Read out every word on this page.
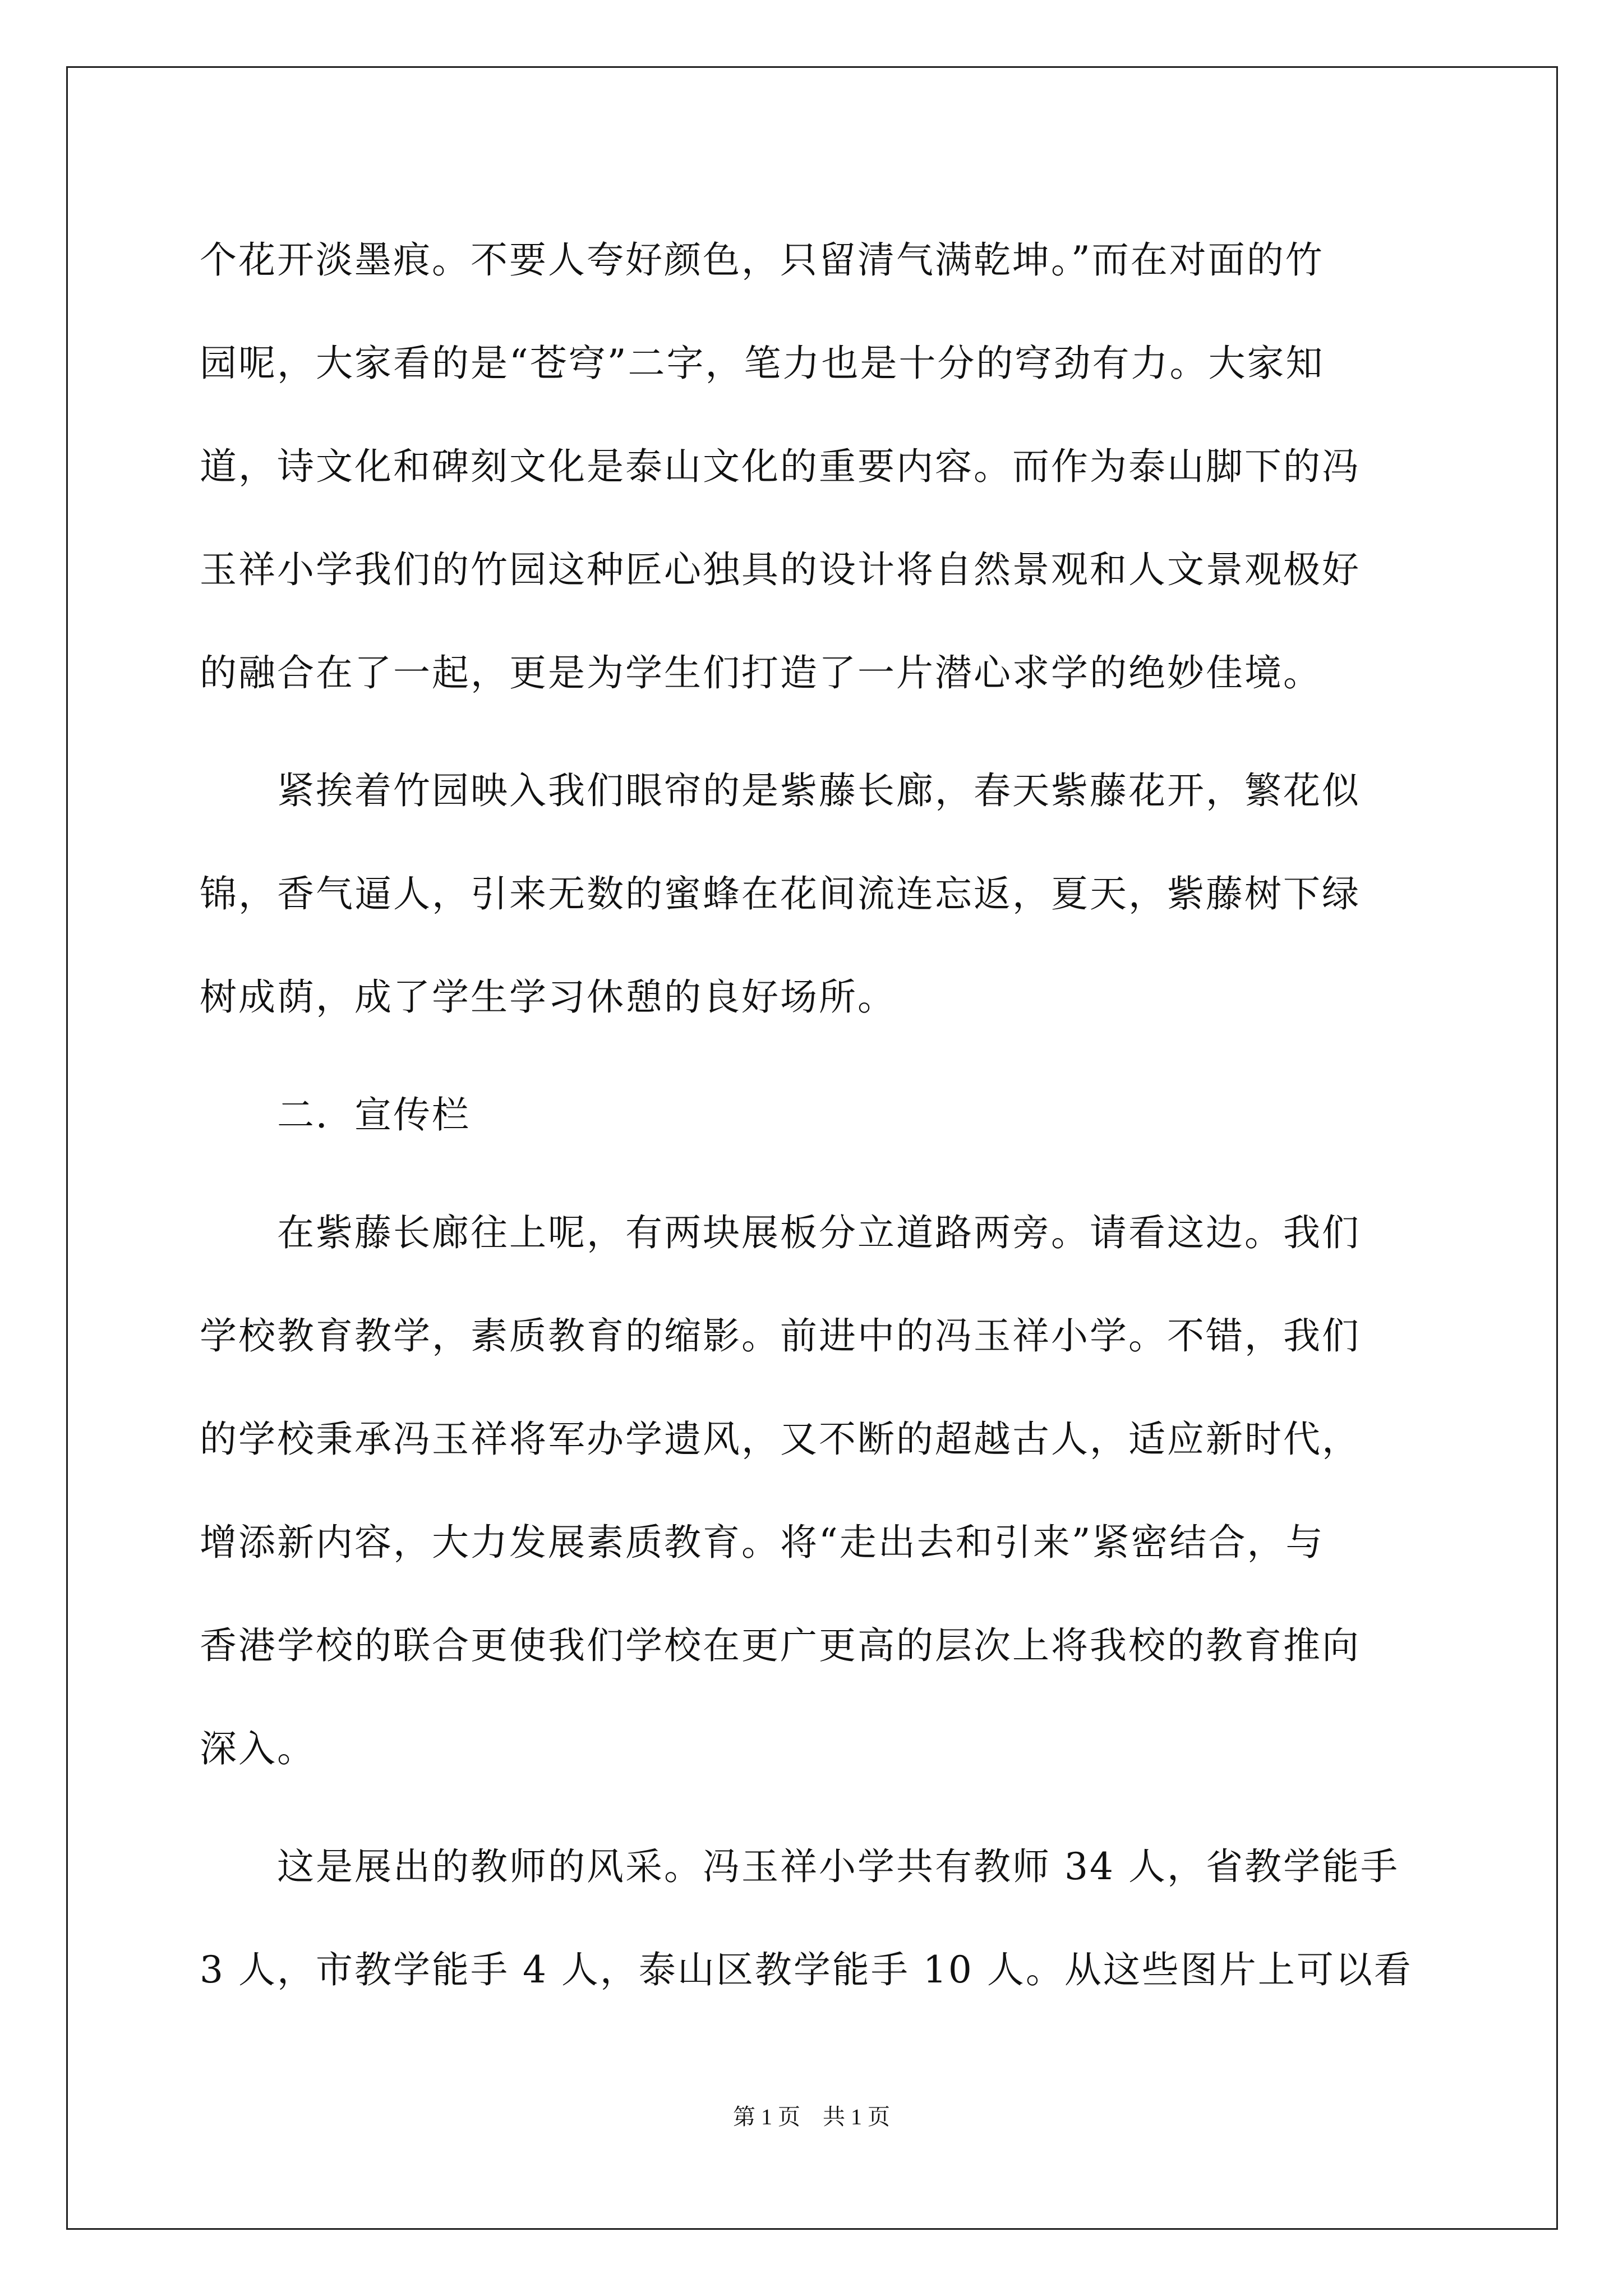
个花开淡墨痕。不要人夸好颜色，只留清气满乾坤。”而在对面的竹
园呢，大家看的是“苍穹”二字，笔力也是十分的穹劲有力。大家知
道，诗文化和碑刻文化是泰山文化的重要内容。而作为泰山脚下的冯
玉祥小学我们的竹园这种匠心独具的设计将自然景观和人文景观极好
的融合在了一起，更是为学生们打造了一片潜心求学的绝妙佳境。
　　紧挨着竹园映入我们眼帘的是紫藤长廊，春天紫藤花开，繁花似
锦，香气逼人，引来无数的蜜蜂在花间流连忘返，夏天，紫藤树下绿
树成荫，成了学生学习休憩的良好场所。
　　二．宣传栏
　　在紫藤长廊往上呢，有两块展板分立道路两旁。请看这边。我们
学校教育教学，素质教育的缩影。前进中的冯玉祥小学。不错，我们
的学校秉承冯玉祥将军办学遗风，又不断的超越古人，适应新时代，
增添新内容，大力发展素质教育。将“走出去和引来”紧密结合，与
香港学校的联合更使我们学校在更广更高的层次上将我校的教育推向
深入。
　　这是展出的教师的风采。冯玉祥小学共有教师 34 人，省教学能手
3 人，市教学能手 4 人，泰山区教学能手 10 人。从这些图片上可以看
第 1 页　共 1 页
